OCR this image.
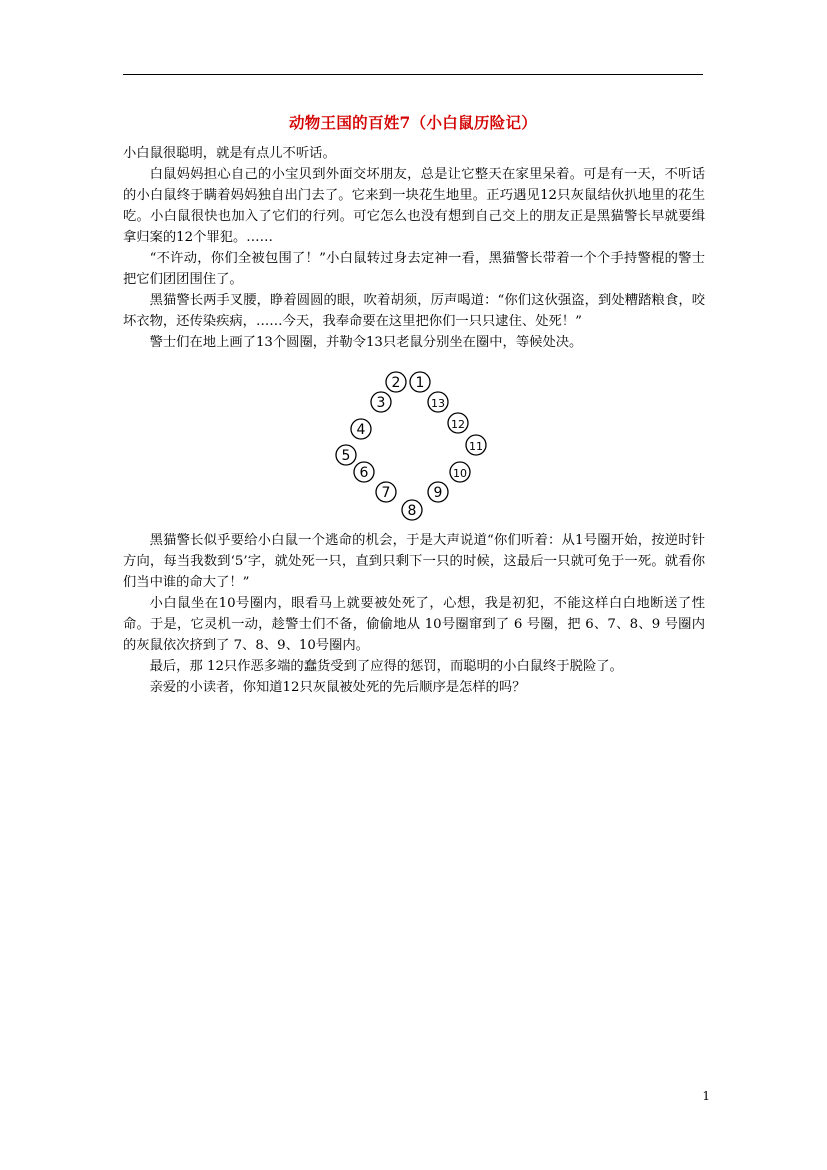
动物王国的百姓7（小白鼠历险记）

小白鼠很聪明，就是有点儿不听话。

白鼠妈妈担心自己的小宝贝到外面交坏朋友，总是让它整天在家里呆着。可是有一天，不听话的小白鼠终于瞒着妈妈独自出门去了。它来到一块花生地里。正巧遇见12只灰鼠结伙扒地里的花生吃。小白鼠很快也加入了它们的行列。可它怎么也没有想到自己交上的朋友正是黑猫警长早就要缉拿归案的12个罪犯。……

“不许动，你们全被包围了！”小白鼠转过身去定神一看，黑猫警长带着一个个手持警棍的警士把它们团团围住了。

黑猫警长两手叉腰，睁着圆圆的眼，吹着胡须，厉声喝道：“你们这伙强盗，到处糟踏粮食，咬坏衣物，还传染疾病，……今天，我奉命要在这里把你们一只只逮住、处死！”

警士们在地上画了13个圆圈，并勒令13只老鼠分别坐在圈中，等候处决。

1
2
3
4
5
6
7
8
9
10
11
12
13

黑猫警长似乎要给小白鼠一个逃命的机会，于是大声说道“你们听着：从1号圈开始，按逆时针方向，每当我数到‘5’字，就处死一只，直到只剩下一只的时候，这最后一只就可免于一死。就看你们当中谁的命大了！”

小白鼠坐在10号圈内，眼看马上就要被处死了，心想，我是初犯，不能这样白白地断送了性命。于是，它灵机一动，趁警士们不备，偷偷地从 10号圈窜到了 6 号圈，把 6、7、8、9 号圈内的灰鼠依次挤到了 7、8、9、10号圈内。

最后，那 12只作恶多端的蠢货受到了应得的惩罚，而聪明的小白鼠终于脱险了。

亲爱的小读者，你知道12只灰鼠被处死的先后顺序是怎样的吗？

1
